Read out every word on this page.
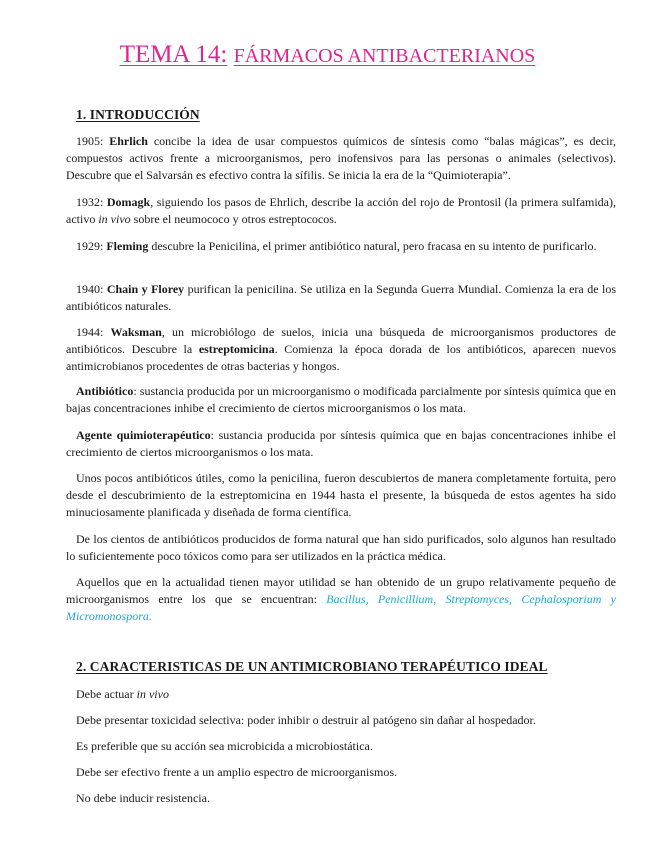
TEMA 14: FÁRMACOS ANTIBACTERIANOS
1. INTRODUCCIÓN

1905: Ehrlich concibe la idea de usar compuestos químicos de síntesis como “balas mágicas”, es decir, compuestos activos frente a microorganismos, pero inofensivos para las personas o animales (selectivos). Descubre que el Salvarsán es efectivo contra la sífilis. Se inicia la era de la “Quimioterapia”.

1932: Domagk, siguiendo los pasos de Ehrlich, describe la acción del rojo de Prontosil (la primera sulfamida), activo in vivo sobre el neumococo y otros estreptococos.

1929: Fleming descubre la Penicilina, el primer antibiótico natural, pero fracasa en su intento de purificarlo.

1940: Chain y Florey purifican la penicilina. Se utiliza en la Segunda Guerra Mundial. Comienza la era de los antibióticos naturales.

1944: Waksman, un microbiólogo de suelos, inicia una búsqueda de microorganismos productores de antibióticos. Descubre la estreptomicina. Comienza la época dorada de los antibióticos, aparecen nuevos antimicrobianos procedentes de otras bacterias y hongos.

Antibiótico: sustancia producida por un microorganismo o modificada parcialmente por síntesis química que en bajas concentraciones inhibe el crecimiento de ciertos microorganismos o los mata.

Agente quimioterapéutico: sustancia producida por síntesis química que en bajas concentraciones inhibe el crecimiento de ciertos microorganismos o los mata.

Unos pocos antibióticos útiles, como la penicilina, fueron descubiertos de manera completamente fortuita, pero desde el descubrimiento de la estreptomicina en 1944 hasta el presente, la búsqueda de estos agentes ha sido minuciosamente planificada y diseñada de forma científica.

De los cientos de antibióticos producidos de forma natural que han sido purificados, solo algunos han resultado lo suficientemente poco tóxicos como para ser utilizados en la práctica médica.

Aquellos que en la actualidad tienen mayor utilidad se han obtenido de un grupo relativamente pequeño de microorganismos entre los que se encuentran: Bacillus, Penicillium, Streptomyces, Cephalosporium y Micromonospora.

2. CARACTERISTICAS DE UN ANTIMICROBIANO TERAPÉUTICO IDEAL

Debe actuar in vivo

Debe presentar toxicidad selectiva: poder inhibir o destruir al patógeno sin dañar al hospedador.

Es preferible que su acción sea microbicida a microbiostática.

Debe ser efectivo frente a un amplio espectro de microorganismos.

No debe inducir resistencia.
